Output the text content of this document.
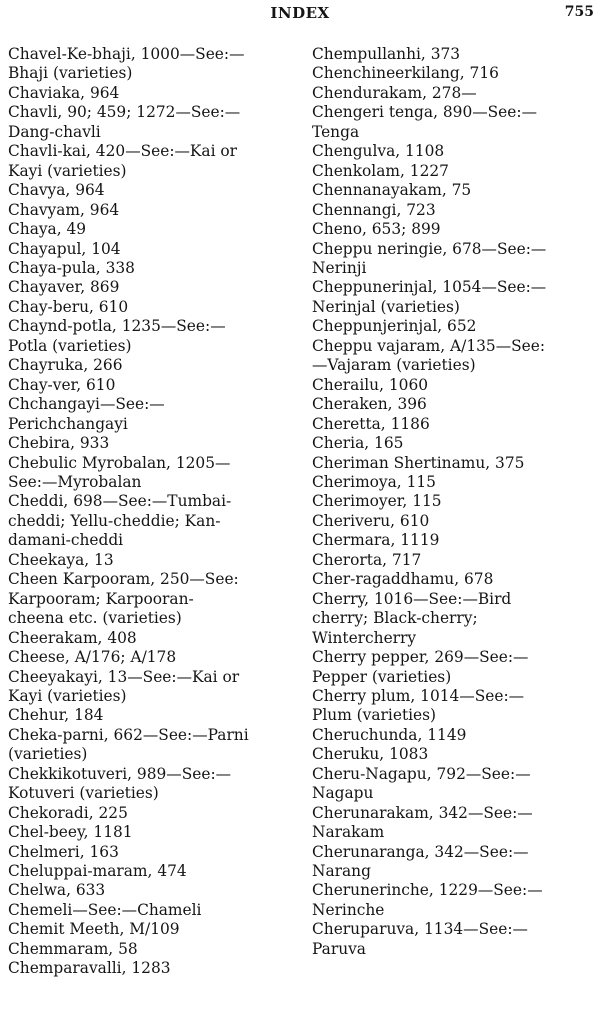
INDEX	755

Chavel-Ke-bhaji, 1000—See:—
Bhaji (varieties)

Chaviaka, 964

Chavli, 90; 459; 1272—See:—
Dang-chavli

Chavli-kai, 420—See:—Kai or
Kayi (varieties)

Chavya, 964

Chavyam, 964

Chaya, 49

Chayapul, 104

Chaya-pula, 338

Chayaver, 869

Chay-beru, 610

Chaynd-potla, 1235—See:—
Potla (varieties)

Chayruka, 266

Chay-ver, 610

Chchangayi—See:—
Perichchangayi

Chebira, 933

Chebulic Myrobalan, 1205—
See:—Myrobalan

Cheddi, 698—See:—Tumbai-
cheddi; Yellu-cheddie; Kan-
damani-cheddi

Cheekaya, 13

Cheen Karpooram, 250—See:
Karpooram; Karpooran-
cheena etc. (varieties)

Cheerakam, 408

Cheese, A/176; A/178

Cheeyakayi, 13—See:—Kai or
Kayi (varieties)

Chehur, 184

Cheka-parni, 662—See:—Parni
(varieties)

Chekkikotuveri, 989—See:—
Kotuveri (varieties)

Chekoradi, 225

Chel-beey, 1181

Chelmeri, 163

Cheluppai-maram, 474

Chelwa, 633

Chemeli—See:—Chameli

Chemit Meeth, M/109

Chemmaram, 58

Chemparavalli, 1283

Chempullanhi, 373

Chenchineerkilang, 716

Chendurakam, 278—

Chengeri tenga, 890—See:—
Tenga

Chengulva, 1108

Chenkolam, 1227

Chennanayakam, 75

Chennangi, 723

Cheno, 653; 899

Cheppu neringie, 678—See:—
Nerinji

Cheppunerinjal, 1054—See:—
Nerinjal (varieties)

Cheppunjerinjal, 652

Cheppu vajaram, A/135—See:
—Vajaram (varieties)

Cherailu, 1060

Cheraken, 396

Cheretta, 1186

Cheria, 165

Cheriman Shertinamu, 375

Cherimoya, 115

Cherimoyer, 115

Cheriveru, 610

Chermara, 1119

Cherorta, 717

Cher-ragaddhamu, 678

Cherry, 1016—See:—Bird
cherry; Black-cherry;
Wintercherry

Cherry pepper, 269—See:—
Pepper (varieties)

Cherry plum, 1014—See:—
Plum (varieties)

Cheruchunda, 1149

Cheruku, 1083

Cheru-Nagapu, 792—See:—
Nagapu

Cherunarakam, 342—See:—
Narakam

Cherunaranga, 342—See:—
Narang

Cherunerinche, 1229—See:—
Nerinche

Cheruparuva, 1134—See:—
Paruva
